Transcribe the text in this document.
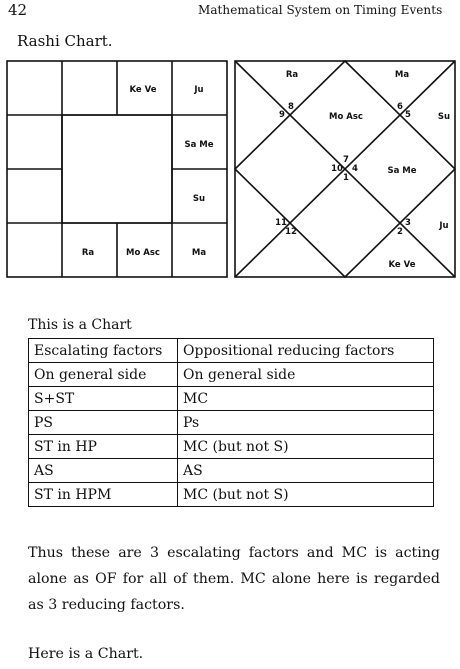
42	Mathematical System on Timing Events
Rashi Chart.
Ke Ve	Ju
Sa Me
Su
Ra	Mo Asc	Ma
Ra	Ma
Mo Asc	Su
Sa Me
Ju
Ke Ve
8
9
6
5
7
10 4
1
11
12
3
2
This is a Chart
Escalating factors	Oppositional reducing factors
On general side	On general side
S+ST	MC
PS	Ps
ST in HP	MC (but not S)
AS	AS
ST in HPM	MC (but not S)
Thus these are 3 escalating factors and MC is acting alone as OF for all of them. MC alone here is regarded as 3 reducing factors.
Here is a Chart.
